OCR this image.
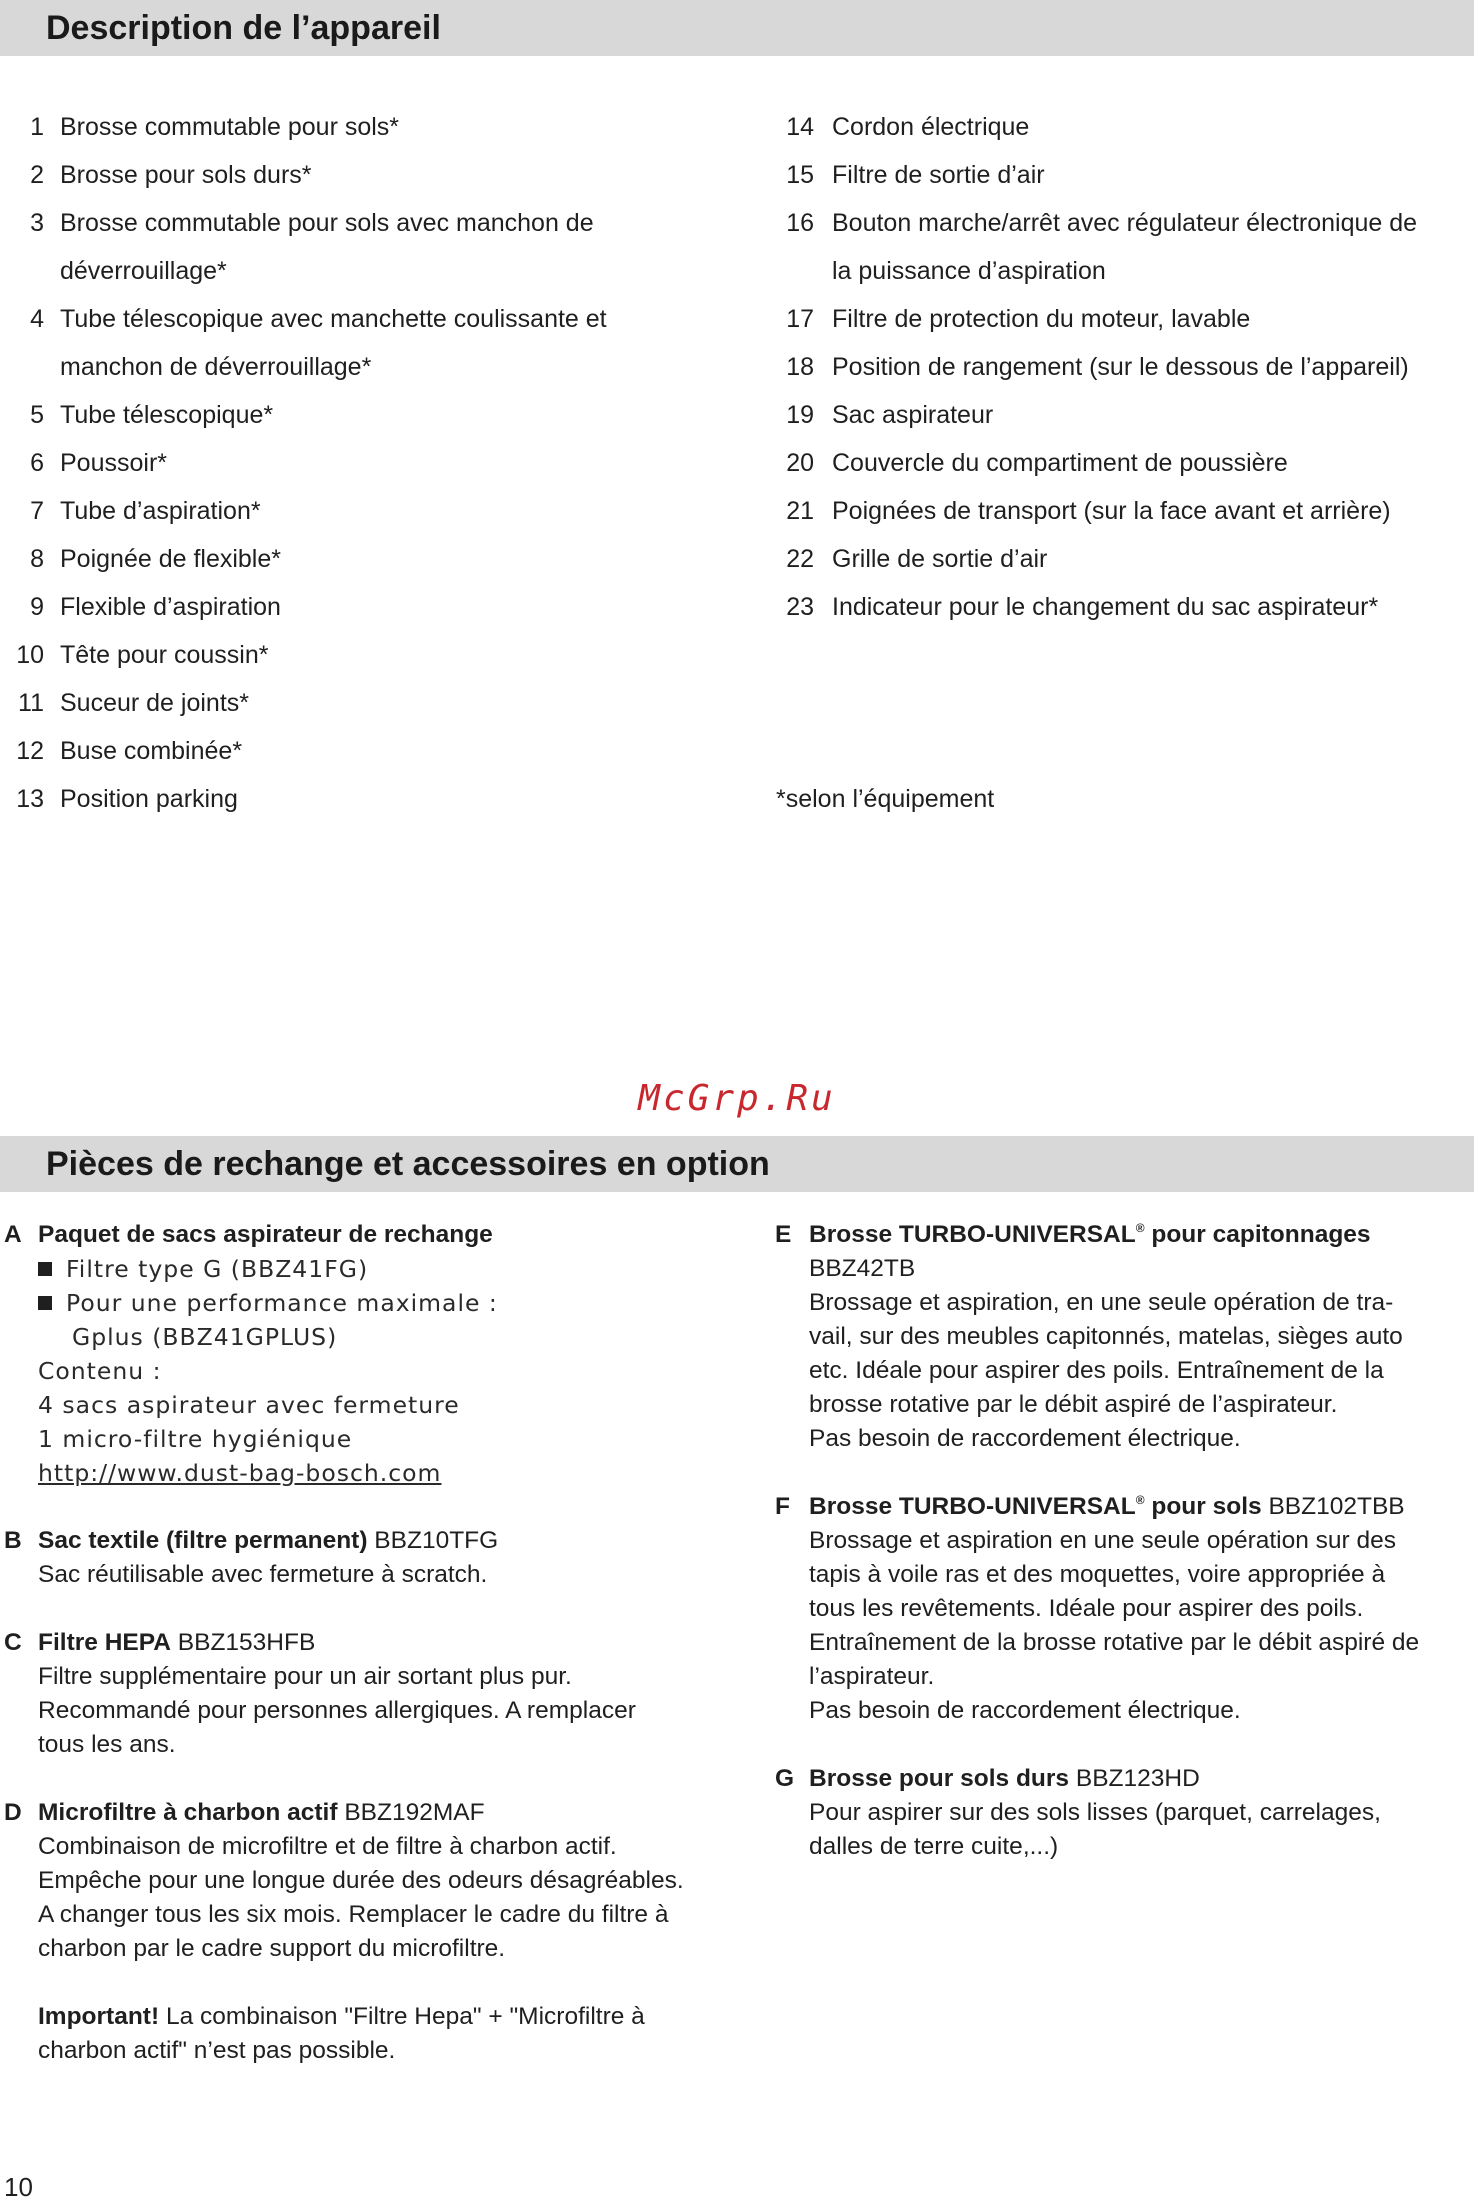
Description de l’appareil
1 Brosse commutable pour sols*
2 Brosse pour sols durs*
3 Brosse commutable pour sols avec manchon de
déverrouillage*
4 Tube télescopique avec manchette coulissante et
manchon de déverrouillage*
5 Tube télescopique*
6 Poussoir*
7 Tube d’aspiration*
8 Poignée de flexible*
9 Flexible d’aspiration
10 Tête pour coussin*
11 Suceur de joints*
12 Buse combinée*
13 Position parking
14 Cordon électrique
15 Filtre de sortie d’air
16 Bouton marche/arrêt avec régulateur électronique de
la puissance d’aspiration
17 Filtre de protection du moteur, lavable
18 Position de rangement (sur le dessous de l’appareil)
19 Sac aspirateur
20 Couvercle du compartiment de poussière
21 Poignées de transport (sur la face avant et arrière)
22 Grille de sortie d’air
23 Indicateur pour le changement du sac aspirateur*
*selon l’équipement
McGrp.Ru
Pièces de rechange et accessoires en option
A Paquet de sacs aspirateur de rechange

Filtre type G (BBZ41FG)

Pour une performance maximale :

Gplus (BBZ41GPLUS)

Contenu :

4 sacs aspirateur avec fermeture

1 micro-filtre hygiénique

http://www.dust-bag-bosch.com

B Sac textile (filtre permanent) BBZ10TFG

Sac réutilisable avec fermeture à scratch.

C Filtre HEPA BBZ153HFB

Filtre supplémentaire pour un air sortant plus pur.

Recommandé pour personnes allergiques. A remplacer

tous les ans.

D Microfiltre à charbon actif BBZ192MAF

Combinaison de microfiltre et de filtre à charbon actif.

Empêche pour une longue durée des odeurs désagréables.

A changer tous les six mois. Remplacer le cadre du filtre à

charbon par le cadre support du microfiltre.

Important! La combinaison "Filtre Hepa" + "Microfiltre à

charbon actif" n’est pas possible.

E Brosse TURBO-UNIVERSAL® pour capitonnages

BBZ42TB

Brossage et aspiration, en une seule opération de tra-

vail, sur des meubles capitonnés, matelas, sièges auto

etc. Idéale pour aspirer des poils. Entraînement de la

brosse rotative par le débit aspiré de l’aspirateur.

Pas besoin de raccordement électrique.

F Brosse TURBO-UNIVERSAL® pour sols BBZ102TBB

Brossage et aspiration en une seule opération sur des

tapis à voile ras et des moquettes, voire appropriée à

tous les revêtements. Idéale pour aspirer des poils.

Entraînement de la brosse rotative par le débit aspiré de

l’aspirateur.

Pas besoin de raccordement électrique.

G Brosse pour sols durs BBZ123HD

Pour aspirer sur des sols lisses (parquet, carrelages,

dalles de terre cuite,...)

10
